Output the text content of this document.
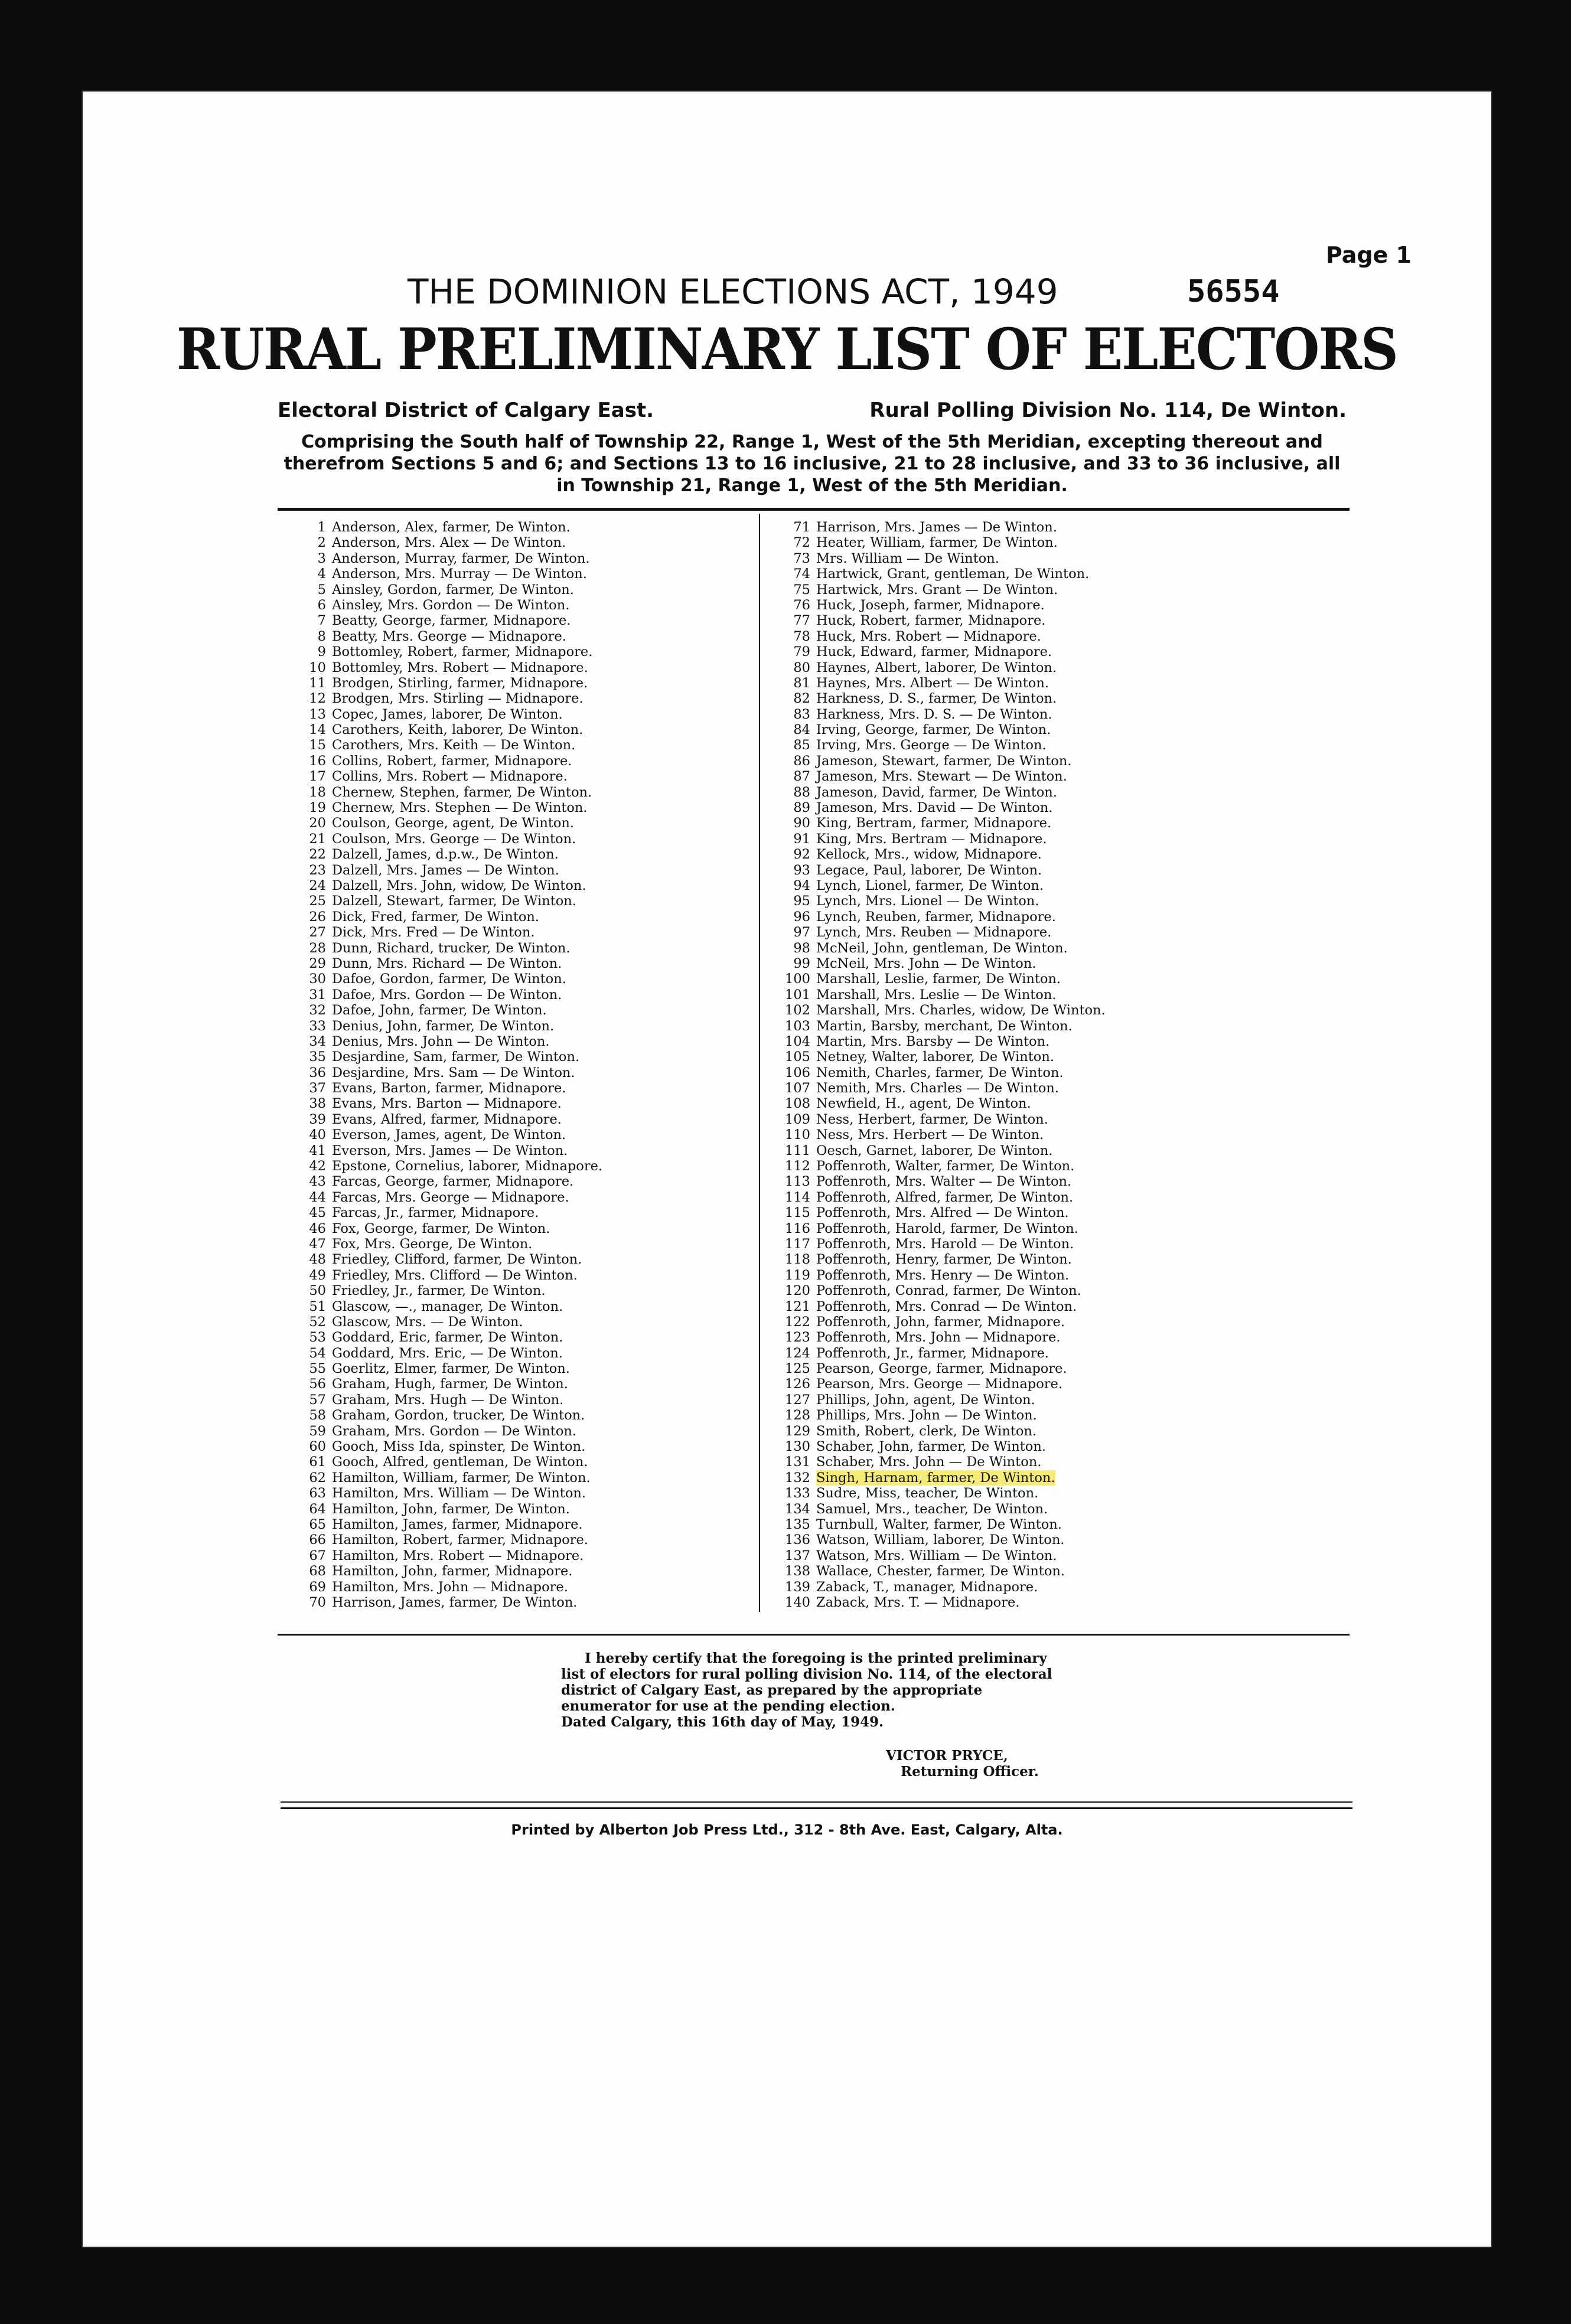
Page 1
THE DOMINION ELECTIONS ACT, 1949	56554
RURAL PRELIMINARY LIST OF ELECTORS
Electoral District of Calgary East.	Rural Polling Division No. 114, De Winton.
Comprising the South half of Township 22, Range 1, West of the 5th Meridian, excepting thereout and therefrom Sections 5 and 6; and Sections 13 to 16 inclusive, 21 to 28 inclusive, and 33 to 36 inclusive, all in Township 21, Range 1, West of the 5th Meridian.
1 Anderson, Alex, farmer, De Winton.
2 Anderson, Mrs. Alex — De Winton.
3 Anderson, Murray, farmer, De Winton.
4 Anderson, Mrs. Murray — De Winton.
5 Ainsley, Gordon, farmer, De Winton.
6 Ainsley, Mrs. Gordon — De Winton.
7 Beatty, George, farmer, Midnapore.
8 Beatty, Mrs. George — Midnapore.
9 Bottomley, Robert, farmer, Midnapore.
10 Bottomley, Mrs. Robert — Midnapore.
11 Brodgen, Stirling, farmer, Midnapore.
12 Brodgen, Mrs. Stirling — Midnapore.
13 Copec, James, laborer, De Winton.
14 Carothers, Keith, laborer, De Winton.
15 Carothers, Mrs. Keith — De Winton.
16 Collins, Robert, farmer, Midnapore.
17 Collins, Mrs. Robert — Midnapore.
18 Chernew, Stephen, farmer, De Winton.
19 Chernew, Mrs. Stephen — De Winton.
20 Coulson, George, agent, De Winton.
21 Coulson, Mrs. George — De Winton.
22 Dalzell, James, d.p.w., De Winton.
23 Dalzell, Mrs. James — De Winton.
24 Dalzell, Mrs. John, widow, De Winton.
25 Dalzell, Stewart, farmer, De Winton.
26 Dick, Fred, farmer, De Winton.
27 Dick, Mrs. Fred — De Winton.
28 Dunn, Richard, trucker, De Winton.
29 Dunn, Mrs. Richard — De Winton.
30 Dafoe, Gordon, farmer, De Winton.
31 Dafoe, Mrs. Gordon — De Winton.
32 Dafoe, John, farmer, De Winton.
33 Denius, John, farmer, De Winton.
34 Denius, Mrs. John — De Winton.
35 Desjardine, Sam, farmer, De Winton.
36 Desjardine, Mrs. Sam — De Winton.
37 Evans, Barton, farmer, Midnapore.
38 Evans, Mrs. Barton — Midnapore.
39 Evans, Alfred, farmer, Midnapore.
40 Everson, James, agent, De Winton.
41 Everson, Mrs. James — De Winton.
42 Epstone, Cornelius, laborer, Midnapore.
43 Farcas, George, farmer, Midnapore.
44 Farcas, Mrs. George — Midnapore.
45 Farcas, Jr., farmer, Midnapore.
46 Fox, George, farmer, De Winton.
47 Fox, Mrs. George, De Winton.
48 Friedley, Clifford, farmer, De Winton.
49 Friedley, Mrs. Clifford — De Winton.
50 Friedley, Jr., farmer, De Winton.
51 Glascow, —., manager, De Winton.
52 Glascow, Mrs. — De Winton.
53 Goddard, Eric, farmer, De Winton.
54 Goddard, Mrs. Eric, — De Winton.
55 Goerlitz, Elmer, farmer, De Winton.
56 Graham, Hugh, farmer, De Winton.
57 Graham, Mrs. Hugh — De Winton.
58 Graham, Gordon, trucker, De Winton.
59 Graham, Mrs. Gordon — De Winton.
60 Gooch, Miss Ida, spinster, De Winton.
61 Gooch, Alfred, gentleman, De Winton.
62 Hamilton, William, farmer, De Winton.
63 Hamilton, Mrs. William — De Winton.
64 Hamilton, John, farmer, De Winton.
65 Hamilton, James, farmer, Midnapore.
66 Hamilton, Robert, farmer, Midnapore.
67 Hamilton, Mrs. Robert — Midnapore.
68 Hamilton, John, farmer, Midnapore.
69 Hamilton, Mrs. John — Midnapore.
70 Harrison, James, farmer, De Winton.
71 Harrison, Mrs. James — De Winton.
72 Heater, William, farmer, De Winton.
73 Mrs. William — De Winton.
74 Hartwick, Grant, gentleman, De Winton.
75 Hartwick, Mrs. Grant — De Winton.
76 Huck, Joseph, farmer, Midnapore.
77 Huck, Robert, farmer, Midnapore.
78 Huck, Mrs. Robert — Midnapore.
79 Huck, Edward, farmer, Midnapore.
80 Haynes, Albert, laborer, De Winton.
81 Haynes, Mrs. Albert — De Winton.
82 Harkness, D. S., farmer, De Winton.
83 Harkness, Mrs. D. S. — De Winton.
84 Irving, George, farmer, De Winton.
85 Irving, Mrs. George — De Winton.
86 Jameson, Stewart, farmer, De Winton.
87 Jameson, Mrs. Stewart — De Winton.
88 Jameson, David, farmer, De Winton.
89 Jameson, Mrs. David — De Winton.
90 King, Bertram, farmer, Midnapore.
91 King, Mrs. Bertram — Midnapore.
92 Kellock, Mrs., widow, Midnapore.
93 Legace, Paul, laborer, De Winton.
94 Lynch, Lionel, farmer, De Winton.
95 Lynch, Mrs. Lionel — De Winton.
96 Lynch, Reuben, farmer, Midnapore.
97 Lynch, Mrs. Reuben — Midnapore.
98 McNeil, John, gentleman, De Winton.
99 McNeil, Mrs. John — De Winton.
100 Marshall, Leslie, farmer, De Winton.
101 Marshall, Mrs. Leslie — De Winton.
102 Marshall, Mrs. Charles, widow, De Winton.
103 Martin, Barsby, merchant, De Winton.
104 Martin, Mrs. Barsby — De Winton.
105 Netney, Walter, laborer, De Winton.
106 Nemith, Charles, farmer, De Winton.
107 Nemith, Mrs. Charles — De Winton.
108 Newfield, H., agent, De Winton.
109 Ness, Herbert, farmer, De Winton.
110 Ness, Mrs. Herbert — De Winton.
111 Oesch, Garnet, laborer, De Winton.
112 Poffenroth, Walter, farmer, De Winton.
113 Poffenroth, Mrs. Walter — De Winton.
114 Poffenroth, Alfred, farmer, De Winton.
115 Poffenroth, Mrs. Alfred — De Winton.
116 Poffenroth, Harold, farmer, De Winton.
117 Poffenroth, Mrs. Harold — De Winton.
118 Poffenroth, Henry, farmer, De Winton.
119 Poffenroth, Mrs. Henry — De Winton.
120 Poffenroth, Conrad, farmer, De Winton.
121 Poffenroth, Mrs. Conrad — De Winton.
122 Poffenroth, John, farmer, Midnapore.
123 Poffenroth, Mrs. John — Midnapore.
124 Poffenroth, Jr., farmer, Midnapore.
125 Pearson, George, farmer, Midnapore.
126 Pearson, Mrs. George — Midnapore.
127 Phillips, John, agent, De Winton.
128 Phillips, Mrs. John — De Winton.
129 Smith, Robert, clerk, De Winton.
130 Schaber, John, farmer, De Winton.
131 Schaber, Mrs. John — De Winton.
132 Singh, Harnam, farmer, De Winton.
133 Sudre, Miss, teacher, De Winton.
134 Samuel, Mrs., teacher, De Winton.
135 Turnbull, Walter, farmer, De Winton.
136 Watson, William, laborer, De Winton.
137 Watson, Mrs. William — De Winton.
138 Wallace, Chester, farmer, De Winton.
139 Zaback, T., manager, Midnapore.
140 Zaback, Mrs. T. — Midnapore.

I hereby certify that the foregoing is the printed preliminary list of electors for rural polling division No. 114, of the electoral district of Calgary East, as prepared by the appropriate enumerator for use at the pending election.

Dated Calgary, this 16th day of May, 1949.

VICTOR PRYCE,
Returning Officer.
Printed by Alberton Job Press Ltd., 312 - 8th Ave. East, Calgary, Alta.
